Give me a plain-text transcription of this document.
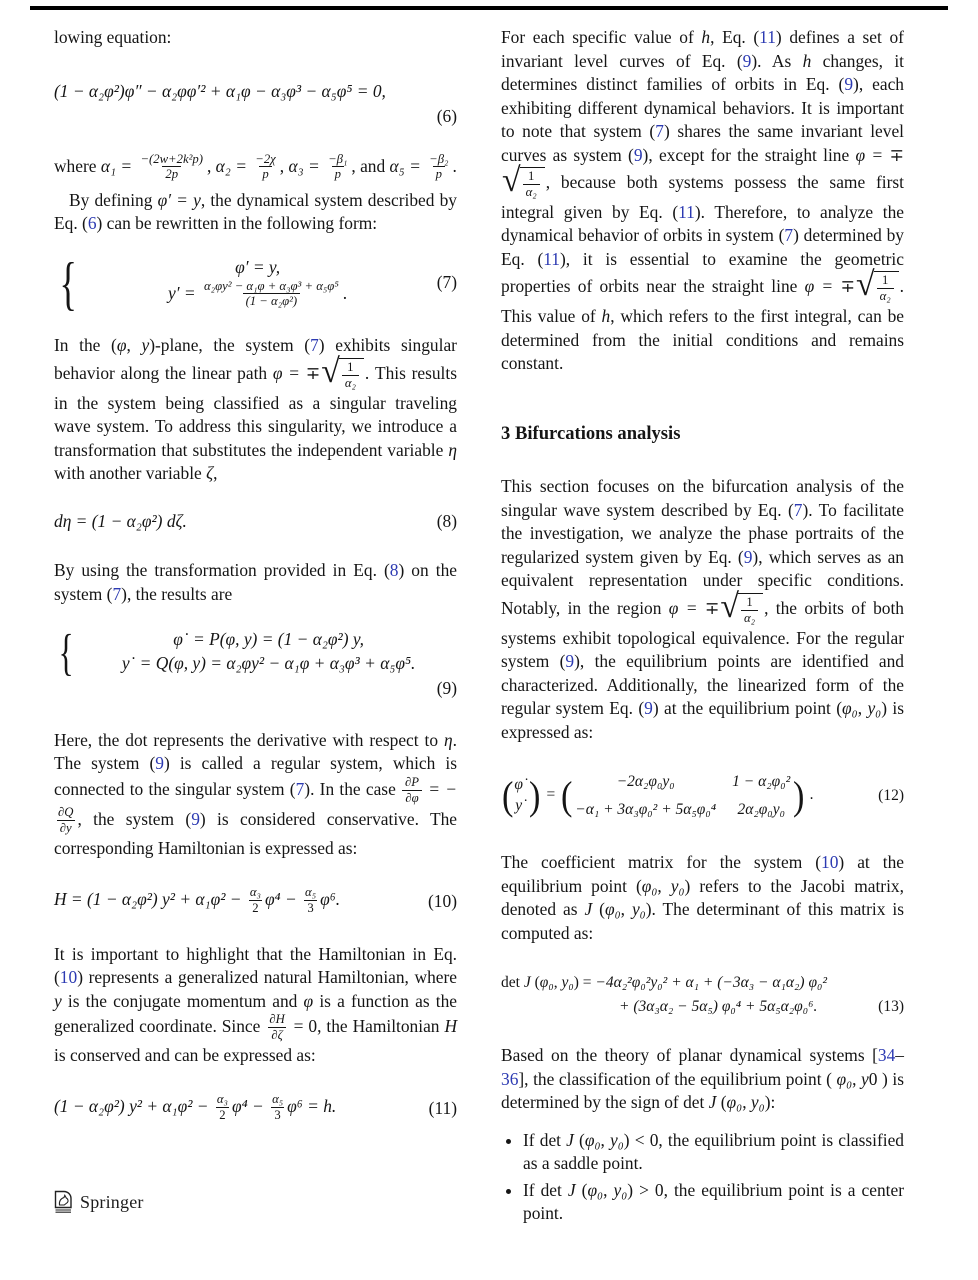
lowing equation:

(1 − α₂φ²)φ″ − α₂φφ′² + α₁φ − α₃φ³ − α₅φ⁵ = 0,
(6)

where $\alpha_1 = \frac{\text{−(2w+2k²p)}}{2p}$ , $\alpha_2 = \frac{-2\chi}{p}$ , $\alpha_3 = \frac{\text{−β₁}}{p}$ , and $\alpha_5 = \frac{\text{−β₂}}{p}$ .

By defining φ′ = y, the dynamical system described by Eq. (6) can be rewritten in the following form:

{	φ′ = y,
$y' = \frac{\text{α₂φy² − α₁φ + α₃φ³ + α₅φ⁵}}{\text{(1 − α₂φ²)}}$ .
(7)

In the (φ, y)-plane, the system (7) exhibits singular behavior along the linear path φ = ∓ √ $\frac{1}{\text{α₂}}$ . This results in the system being classified as a singular traveling wave system. To address this singularity, we introduce a transformation that substitutes the independent variable η with another variable ζ,

dη = (1 − α₂φ²) dζ.	(8)

By using the transformation provided in Eq. (8) on the system (7), the results are

{	φ˙ = P(φ, y) = (1 − α₂φ²) y,
y˙ = Q(φ, y) = α₂φy² − α₁φ + α₃φ³ + α₅φ⁵.
(9)

Here, the dot represents the derivative with respect to η. The system (9) is called a regular system, which is connected to the singular system (7). In the case $\frac{\partial P}{\partial\varphi}$ = −
$\frac{\partial Q}{\partial y}$ , the system (9) is considered conservative. The corresponding Hamiltonian is expressed as:

H = (1 − α₂φ²) $y^2 + \alpha_1\varphi^2 - \frac{\text{α₃}}{2} \varphi^4 - \frac{\text{α₅}}{3} \varphi^6$.	(10)

It is important to highlight that the Hamiltonian in Eq. (10) represents a generalized natural Hamiltonian, where y is the conjugate momentum and φ is a function as the generalized coordinate. Since $\frac{\partial H}{\partial\zeta} = 0$, the Hamiltonian H is conserved and can be expressed as:

(1 − α₂φ²) $y^2 + \alpha_1\varphi^2 - \frac{\text{α₃}}{2} \varphi^4 - \frac{\text{α₅}}{3} \varphi^6 = h$.	(11)

For each specific value of h, Eq. (11) defines a set of invariant level curves of Eq. (9). As h changes, it determines distinct families of orbits in Eq. (9), each exhibiting different dynamical behaviors. It is important to note that system (7) shares the same invariant level curves as system (9), except for the straight line φ = ∓
√ $\frac{1}{\text{α₂}}$ , because both systems possess the same first integral given by Eq. (11). Therefore, to analyze the dynamical behavior of orbits in system (7) determined by Eq. (11), it is essential to examine the geometric properties of orbits near the straight line φ = ∓ √ $\frac{1}{\text{α₂}}$ . This value of h, which refers to the first integral, can be determined from the initial conditions and remains constant.

3 Bifurcations analysis

This section focuses on the bifurcation analysis of the singular wave system described by Eq. (7). To facilitate the investigation, we analyze the phase portraits of the regularized system given by Eq. (9), which serves as an equivalent representation under specific conditions. Notably, in the region φ = ∓ √ $\frac{1}{\text{α₂}}$ , the orbits of both systems exhibit topological equivalence. For the regular system (9), the equilibrium points are identified and characterized. Additionally, the linearized form of the regular system Eq. (9) at the equilibrium point (φ₀, y₀) is expressed as:

( φ˙
y˙ ) = (	−2α₂φ₀y₀	1 − α₂φ₀²
−α₁ + 3α₃φ₀² + 5α₅φ₀⁴	2α₂φ₀y₀ ) .	(12)

The coefficient matrix for the system (10) at the equilibrium point (φ₀, y₀) refers to the Jacobi matrix, denoted as J (φ₀, y₀). The determinant of this matrix is computed as:

det J (φ₀, y₀) = −4α₂²φ₀²y₀² + α₁ + (−3α₃ − α₁α₂) φ₀²
+ (3α₃α₂ − 5α₅) φ₀⁴ + 5α₅α₂φ₀⁶.	(13)

Based on the theory of planar dynamical systems [34–36], the classification of the equilibrium point ( φ₀, y0 ) is determined by the sign of det J (φ₀, y₀):

• If det J (φ₀, y₀) < 0, the equilibrium point is classified as a saddle point.
• If det J (φ₀, y₀) > 0, the equilibrium point is a center point.
Springer
